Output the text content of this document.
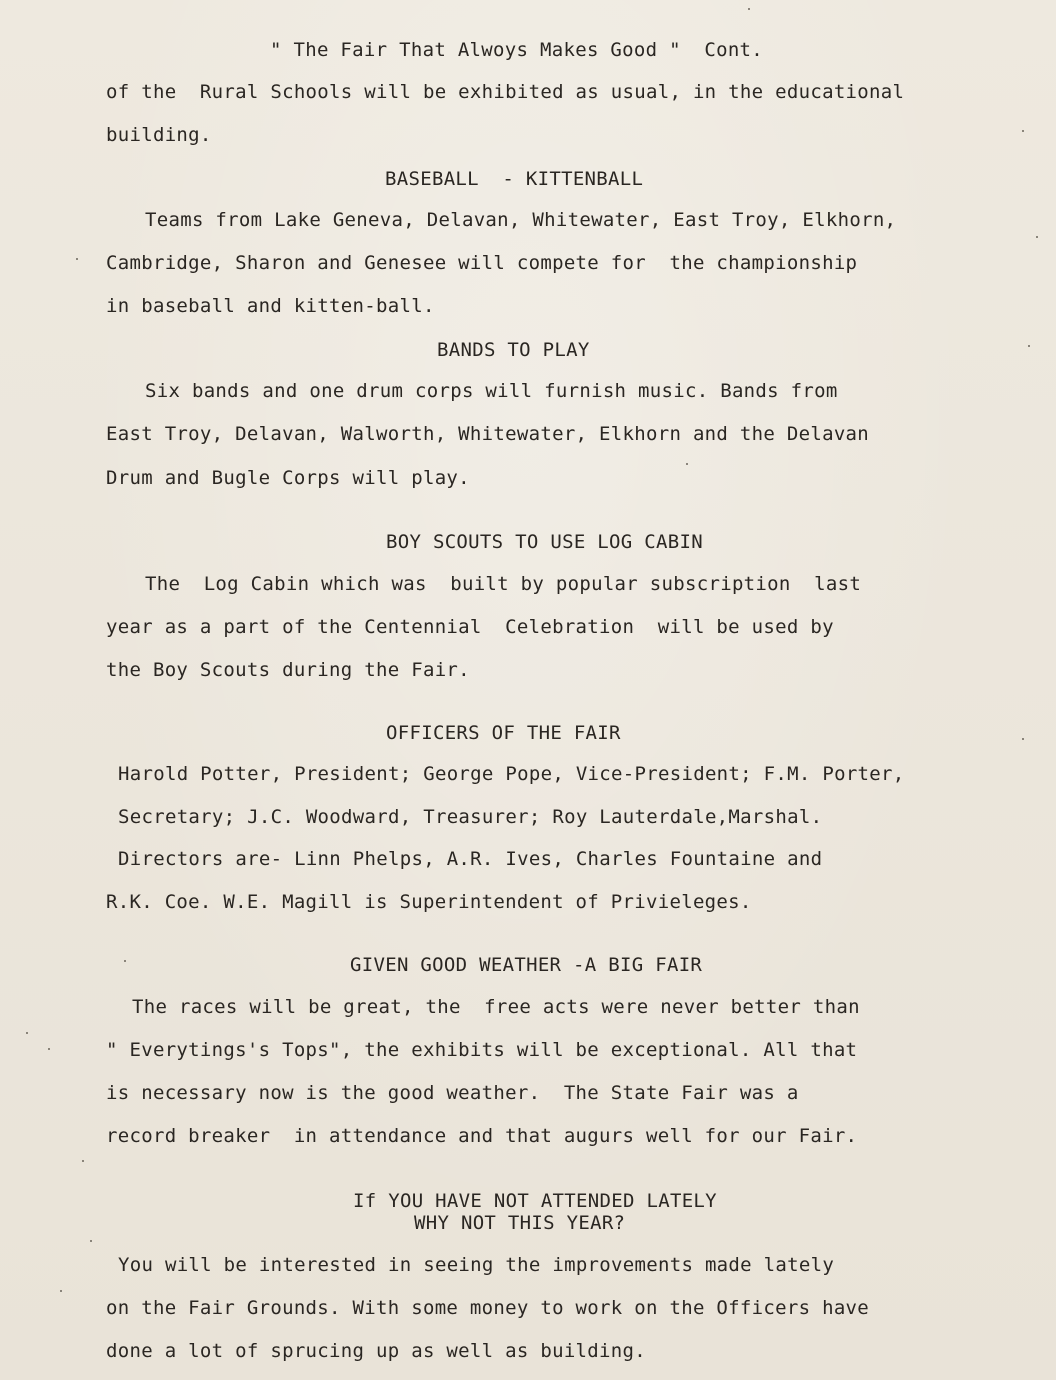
" The Fair That Alwoys Makes Good "  Cont.
of the  Rural Schools will be exhibited as usual, in the educational
building.
BASEBALL  - KITTENBALL
Teams from Lake Geneva, Delavan, Whitewater, East Troy, Elkhorn,
Cambridge, Sharon and Genesee will compete for  the championship
in baseball and kitten-ball.
BANDS TO PLAY
Six bands and one drum corps will furnish music. Bands from
East Troy, Delavan, Walworth, Whitewater, Elkhorn and the Delavan
Drum and Bugle Corps will play.
BOY SCOUTS TO USE LOG CABIN
The  Log Cabin which was  built by popular subscription  last
year as a part of the Centennial  Celebration  will be used by
the Boy Scouts during the Fair.
OFFICERS OF THE FAIR
Harold Potter, President; George Pope, Vice-President; F.M. Porter,
Secretary; J.C. Woodward, Treasurer; Roy Lauterdale,Marshal.
Directors are- Linn Phelps, A.R. Ives, Charles Fountaine and
R.K. Coe. W.E. Magill is Superintendent of Privieleges.
GIVEN GOOD WEATHER -A BIG FAIR
The races will be great, the  free acts were never better than
" Everytings's Tops", the exhibits will be exceptional. All that
is necessary now is the good weather.  The State Fair was a
record breaker  in attendance and that augurs well for our Fair.
If YOU HAVE NOT ATTENDED LATELY
WHY NOT THIS YEAR?
You will be interested in seeing the improvements made lately
on the Fair Grounds. With some money to work on the Officers have
done a lot of sprucing up as well as building.
